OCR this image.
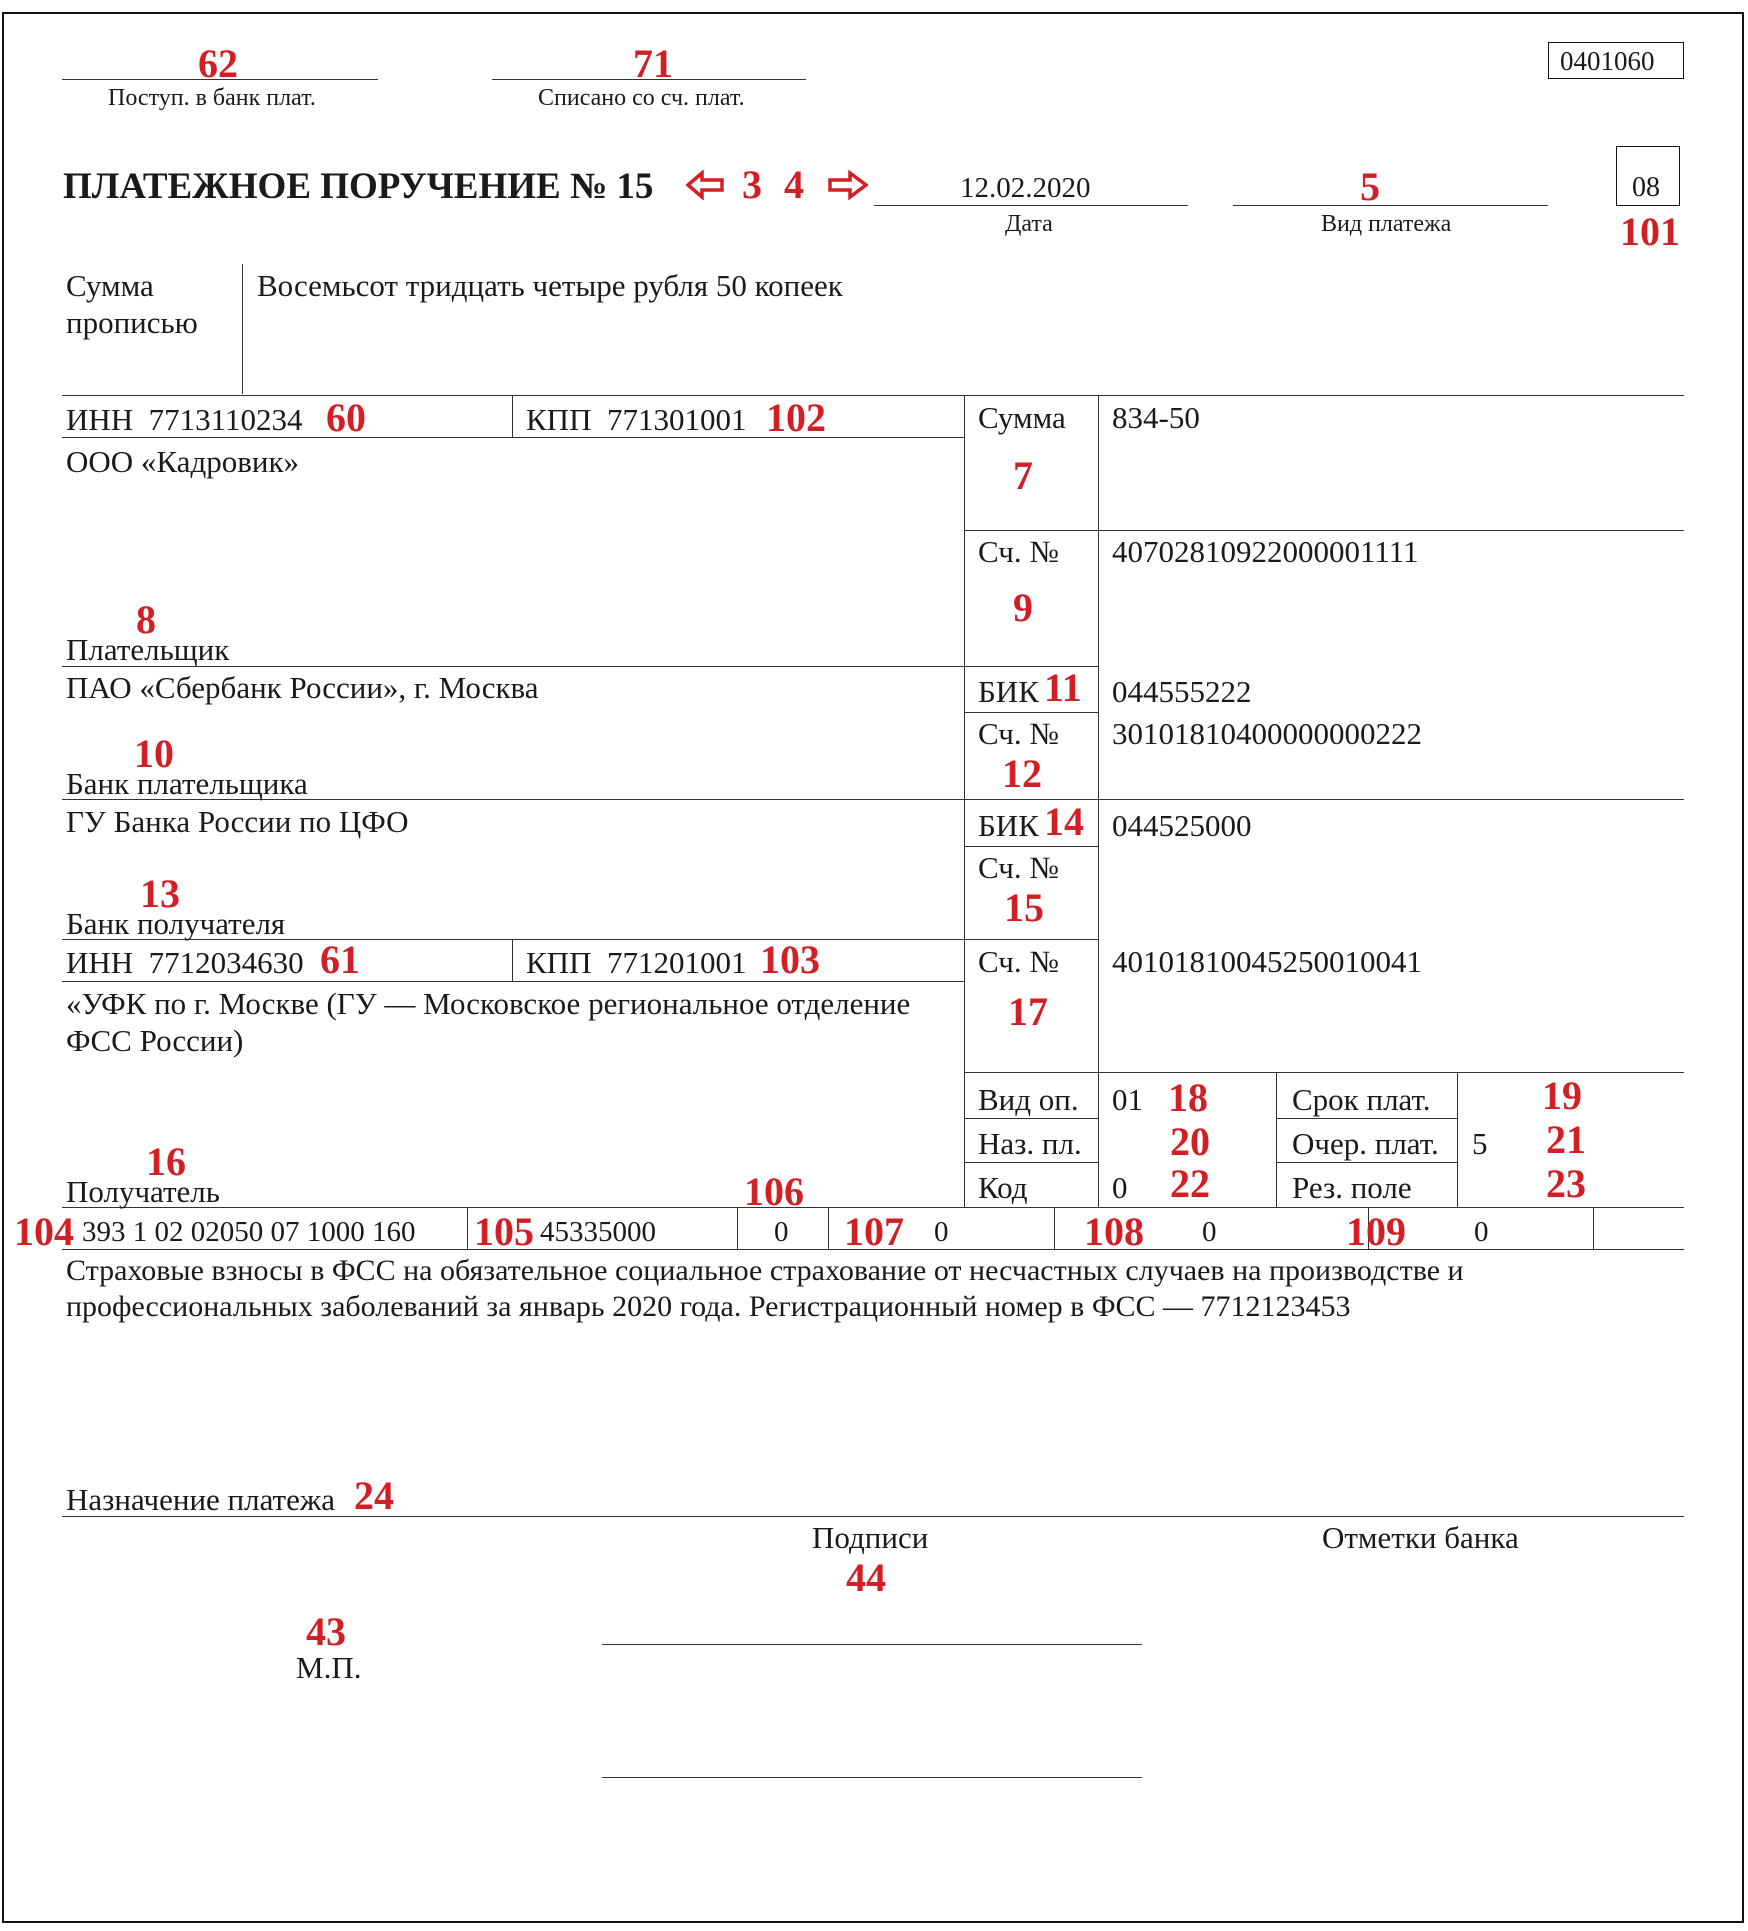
62
Поступ. в банк плат.
71
Списано со сч. плат.
0401060
ПЛАТЕЖНОЕ ПОРУЧЕНИЕ № 15 3 4	12.02.2020
Дата
5
Вид платежа
08
101
Сумма
прописью
Восемьсот тридцать четыре рубля 50 копеек
ИНН  7713110234 60	КПП  771301001 102
ООО «Кадровик»
8
Плательщик
Сумма
7
834-50
Сч. №
9
40702810922000001111
ПАО «Сбербанк России», г. Москва
10
Банк плательщика
БИК 11 044555222
Сч. №
12
30101810400000000222
ГУ Банка России по ЦФО
13
Банк получателя
БИК 14 044525000
Сч. №
15
ИНН  7712034630 61	КПП  771201001 103
«УФК по г. Москве (ГУ — Московское региональное отделение
ФСС России)
16
Получатель
Сч. №
17
40101810045250010041
Вид оп. 01 18
Наз. пл. 20
Код	0 22
Срок плат.	19
Очер. плат. 5 21
Рез. поле	23
106
104 393 1 02 02050 07 1000 160 105 45335000	0 107 0	108 0	109 0
Страховые взносы в ФСС на обязательное социальное страхование от несчастных случаев на производстве и
профессиональных заболеваний за январь 2020 года. Регистрационный номер в ФСС — 7712123453
Назначение платежа 24
Подписи
44
Отметки банка
43
М.П.
